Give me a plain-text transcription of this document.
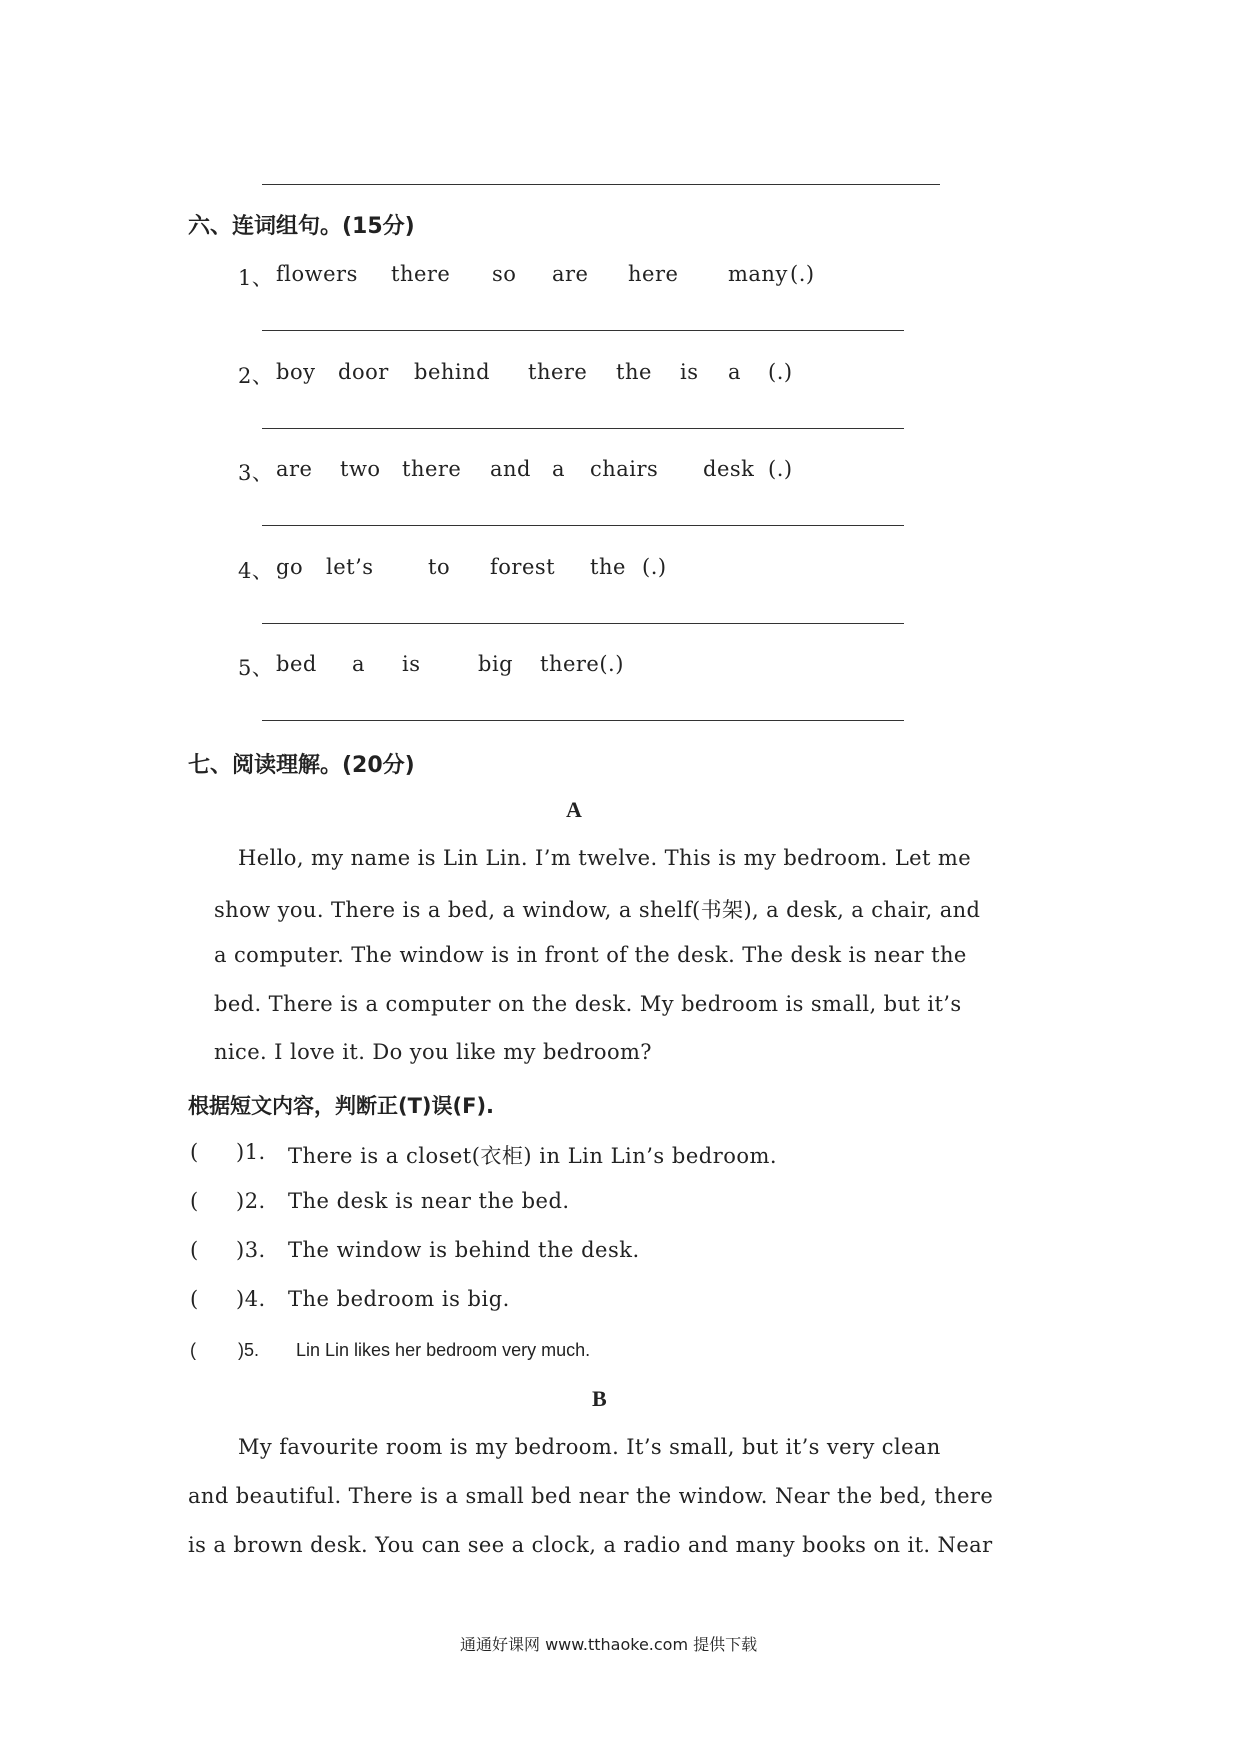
六、连词组句。(15分)
1、 flowers there so are here many (.)
2、 boy door behind there the is a (.)
3、 are two there and a chairs desk (.)
4、 go let’s	to forest the (.)
5、 bed a is	big there(.)
七、阅读理解。(20分)
A
Hello, my name is Lin Lin. I’m twelve. This is my bedroom. Let me
show you. There is a bed, a window, a shelf(书架), a desk, a chair, and
a computer. The window is in front of the desk. The desk is near the
bed. There is a computer on the desk. My bedroom is small, but it’s
nice. I love it. Do you like my bedroom?
根据短文内容，判断正(T)误(F).
( )1. There is a closet(衣柜) in Lin Lin’s bedroom.
( )2. The desk is near the bed.
( )3. The window is behind the desk.
( )4. The bedroom is big.
( )5. Lin Lin likes her bedroom very much.
B
My favourite room is my bedroom. It’s small, but it’s very clean
and beautiful. There is a small bed near the window. Near the bed, there
is a brown desk. You can see a clock, a radio and many books on it. Near
通通好课网 www.tthaoke.com 提供下载
